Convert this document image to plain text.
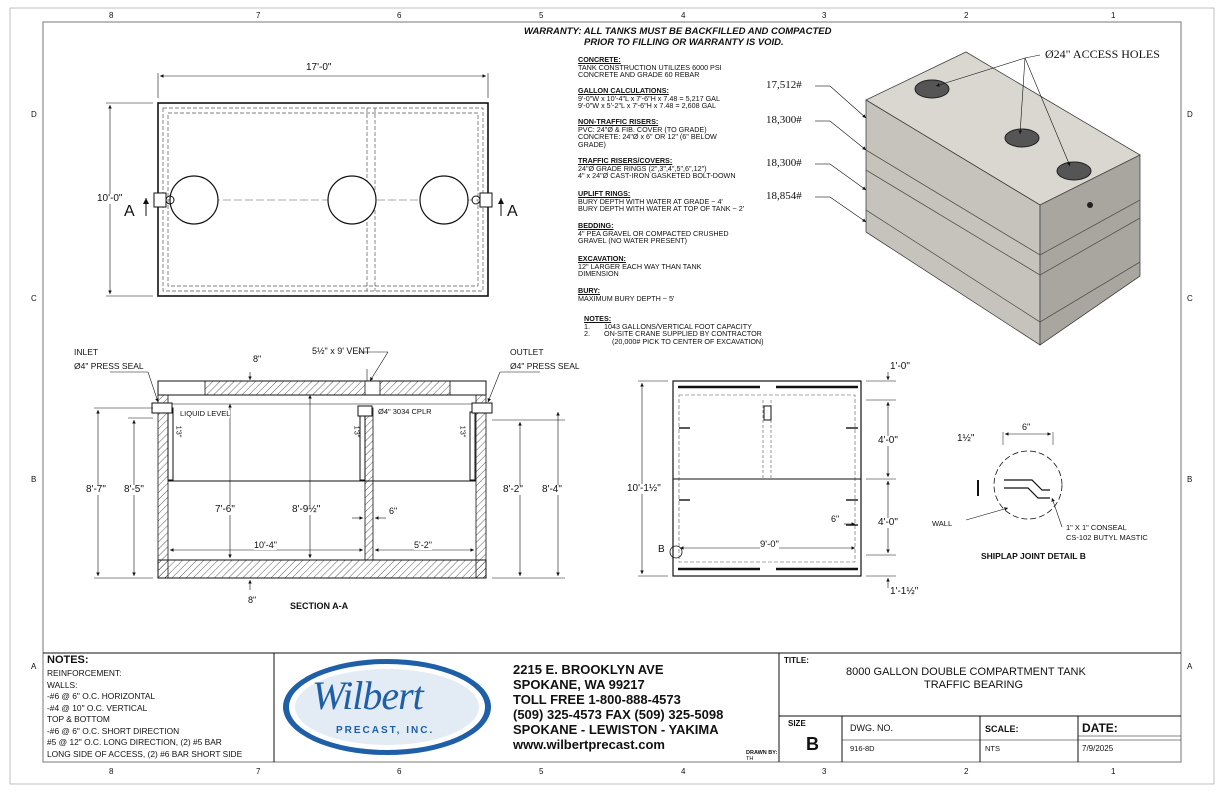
8	7	6	5	4	3	2	1
8	7	6	5	4	3	2	1
D
C
B
A
D
C
B
A
WARRANTY: ALL TANKS MUST BE BACKFILLED AND COMPACTED
PRIOR TO FILLING OR WARRANTY IS VOID.
CONCRETE:
TANK CONSTRUCTION UTILIZES 6000 PSI
CONCRETE AND GRADE 60 REBAR
GALLON CALCULATIONS:
9'-0"W x 10'-4"L x 7'-6"H x 7.48 = 5,217 GAL
9'-0"W x 5'-2"L x 7'-6"H x 7.48 = 2,608 GAL
NON-TRAFFIC RISERS:
PVC: 24"Ø & FIB. COVER (TO GRADE)
CONCRETE: 24"Ø x 6" OR 12" (6" BELOW
GRADE)
TRAFFIC RISERS/COVERS:
24"Ø GRADE RINGS (2",3",4",5",6",12")
4" x 24"Ø CAST-IRON GASKETED BOLT-DOWN
UPLIFT RINGS:
BURY DEPTH WITH WATER AT GRADE ~ 4'
BURY DEPTH WITH WATER AT TOP OF TANK ~ 2'
BEDDING:
4" PEA GRAVEL OR COMPACTED CRUSHED
GRAVEL (NO WATER PRESENT)
EXCAVATION:
12" LARGER EACH WAY THAN TANK
DIMENSION
BURY:
MAXIMUM BURY DEPTH ~ 5'
NOTES:
1. 1043 GALLONS/VERTICAL FOOT CAPACITY
2. ON-SITE CRANE SUPPLIED BY CONTRACTOR
(20,000# PICK TO CENTER OF EXCAVATION)
17'-0"
10'-0"
A	A
INLET
Ø4" PRESS SEAL
OUTLET
Ø4" PRESS SEAL
5½" x 9' VENT
8"
LIQUID LEVEL	Ø4" 3034 CPLR
8'-7" 8'-5"	8'-2" 8'-4"
7'-6"	8'-9½"	6"
10'-4"	5'-2"
8"
SECTION A-A
1'3"	1'3"	1'3"
10'-1½"
1'-0"
4'-0"
4'-0"
1'-1½"
9'-0"
6"
B
Ø24" ACCESS HOLES
17,512#
18,300#
18,300#
18,854#
6"
1½"
WALL	1" X 1" CONSEAL
CS-102 BUTYL MASTIC
SHIPLAP JOINT DETAIL B
NOTES:
REINFORCEMENT:
WALLS:
-#6 @ 6" O.C. HORIZONTAL
-#4 @ 10" O.C. VERTICAL
TOP & BOTTOM
-#6 @ 6" O.C. SHORT DIRECTION
#5 @ 12" O.C. LONG DIRECTION, (2) #5 BAR
LONG SIDE OF ACCESS, (2) #6 BAR SHORT SIDE
Wilbert
PRECAST, INC.
2215 E. BROOKLYN AVE
SPOKANE, WA 99217
TOLL FREE 1-800-888-4573
(509) 325-4573 FAX (509) 325-5098
SPOKANE - LEWISTON - YAKIMA
www.wilbertprecast.com
DRAWN BY:
TH
TITLE:
8000 GALLON DOUBLE COMPARTMENT TANK
TRAFFIC BEARING
SIZE
B
DWG. NO.
916-8D
SCALE:
NTS
DATE:
7/9/2025
